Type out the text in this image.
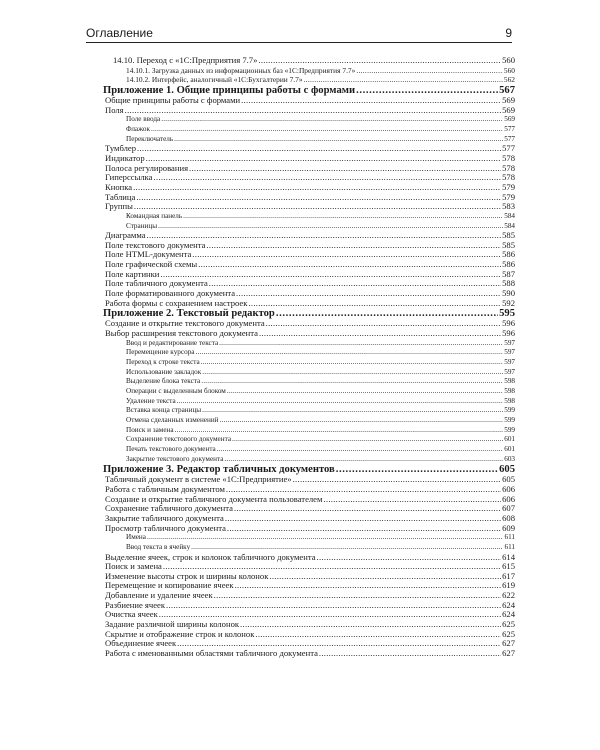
Оглавление	9
14.10. Переход с «1С:Предприятия 7.7» .....	560
14.10.1. Загрузка данных из информационных баз «1С:Предприятия 7.7» .....	560
14.10.2. Интерфейс, аналогичный «1С:Бухгалтерии 7.7» .....	562
Приложение 1. Общие принципы работы с формами .....	567
Общие принципы работы с формами .....	569
Поля .....	569
Поле ввода .....	569
Флажок .....	577
Переключатель .....	577
Тумблер .....	577
Индикатор .....	578
Полоса регулирования .....	578
Гиперссылка .....	578
Кнопка .....	579
Таблица .....	579
Группы .....	583
Командная панель .....	584
Страницы .....	584
Диаграмма .....	585
Поле текстового документа .....	585
Поле HTML-документа .....	586
Поле графической схемы .....	586
Поле картинки .....	587
Поле табличного документа .....	588
Поле форматированного документа .....	590
Работа формы с сохранением настроек .....	592
Приложение 2. Текстовый редактор .....	595
Создание и открытие текстового документа .....	596
Выбор расширения текстового документа .....	596
Ввод и редактирование текста .....	597
Перемещение курсора .....	597
Переход к строке текста .....	597
Использование закладок .....	597
Выделение блока текста .....	598
Операции с выделенным блоком .....	598
Удаление текста .....	598
Вставка конца страницы .....	599
Отмена сделанных изменений .....	599
Поиск и замена .....	599
Сохранение текстового документа .....	601
Печать текстового документа .....	601
Закрытие текстового документа .....	603
Приложение 3. Редактор табличных документов .....	605
Табличный документ в системе «1С:Предприятие» .....	605
Работа с табличным документом .....	606
Создание и открытие табличного документа пользователем .....	606
Сохранение табличного документа .....	607
Закрытие табличного документа .....	608
Просмотр табличного документа .....	609
Имена .....	611
Ввод текста в ячейку .....	611
Выделение ячеек, строк и колонок табличного документа .....	614
Поиск и замена .....	615
Изменение высоты строк и ширины колонок .....	617
Перемещение и копирование ячеек .....	619
Добавление и удаление ячеек .....	622
Разбиение ячеек .....	624
Очистка ячеек .....	624
Задание различной ширины колонок .....	625
Скрытие и отображение строк и колонок .....	625
Объединение ячеек .....	627
Работа с именованными областями табличного документа .....	627
